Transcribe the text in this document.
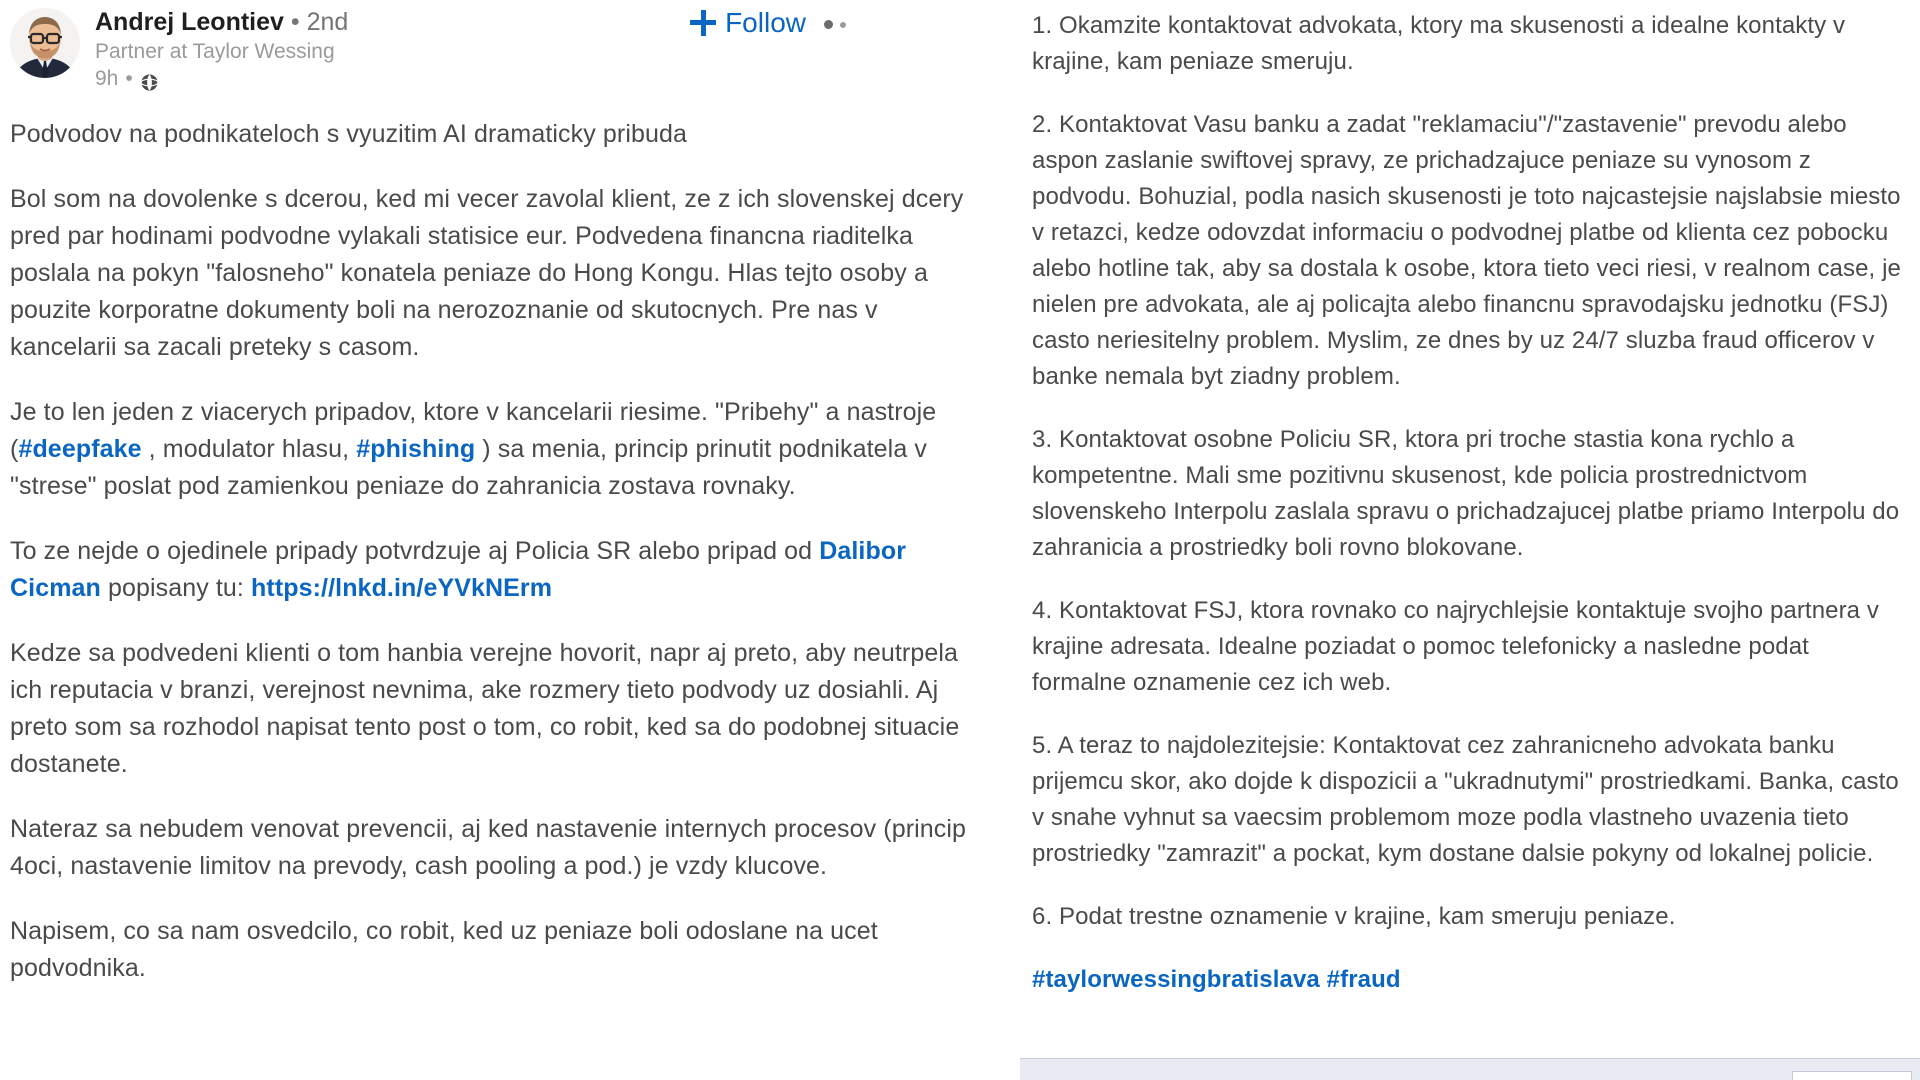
Andrej Leontiev • 2nd
Partner at Taylor Wessing
9h •
Follow

Podvodov na podnikateloch s vyuzitim AI dramaticky pribuda

Bol som na dovolenke s dcerou, ked mi vecer zavolal klient, ze z ich slovenskej dcery pred par hodinami podvodne vylakali statisice eur. Podvedena financna riaditelka poslala na pokyn "falosneho" konatela peniaze do Hong Kongu. Hlas tejto osoby a pouzite korporatne dokumenty boli na nerozoznanie od skutocnych. Pre nas v kancelarii sa zacali preteky s casom.

Je to len jeden z viacerych pripadov, ktore v kancelarii riesime. "Pribehy" a nastroje (#deepfake , modulator hlasu, #phishing ) sa menia, princip prinutit podnikatela v "strese" poslat pod zamienkou peniaze do zahranicia zostava rovnaky.

To ze nejde o ojedinele pripady potvrdzuje aj Policia SR alebo pripad od Dalibor Cicman popisany tu: https://lnkd.in/eYVkNErm

Kedze sa podvedeni klienti o tom hanbia verejne hovorit, napr aj preto, aby neutrpela ich reputacia v branzi, verejnost nevnima, ake rozmery tieto podvody uz dosiahli. Aj preto som sa rozhodol napisat tento post o tom, co robit, ked sa do podobnej situacie dostanete.

Nateraz sa nebudem venovat prevencii, aj ked nastavenie internych procesov (princip 4oci, nastavenie limitov na prevody, cash pooling a pod.) je vzdy klucove.

Napisem, co sa nam osvedcilo, co robit, ked uz peniaze boli odoslane na ucet podvodnika.

1. Okamzite kontaktovat advokata, ktory ma skusenosti a idealne kontakty v krajine, kam peniaze smeruju.

2. Kontaktovat Vasu banku a zadat "reklamaciu"/"zastavenie" prevodu alebo aspon zaslanie swiftovej spravy, ze prichadzajuce peniaze su vynosom z podvodu. Bohuzial, podla nasich skusenosti je toto najcastejsie najslabsie miesto v retazci, kedze odovzdat informaciu o podvodnej platbe od klienta cez pobocku alebo hotline tak, aby sa dostala k osobe, ktora tieto veci riesi, v realnom case, je nielen pre advokata, ale aj policajta alebo financnu spravodajsku jednotku (FSJ) casto neriesitelny problem. Myslim, ze dnes by uz 24/7 sluzba fraud officerov v banke nemala byt ziadny problem.

3. Kontaktovat osobne Policiu SR, ktora pri troche stastia kona rychlo a kompetentne. Mali sme pozitivnu skusenost, kde policia prostrednictvom slovenskeho Interpolu zaslala spravu o prichadzajucej platbe priamo Interpolu do zahranicia a prostriedky boli rovno blokovane.

4. Kontaktovat FSJ, ktora rovnako co najrychlejsie kontaktuje svojho partnera v krajine adresata. Idealne poziadat o pomoc telefonicky a nasledne podat formalne oznamenie cez ich web.

5. A teraz to najdolezitejsie: Kontaktovat cez zahranicneho advokata banku prijemcu skor, ako dojde k dispozicii a "ukradnutymi" prostriedkami. Banka, casto v snahe vyhnut sa vaecsim problemom moze podla vlastneho uvazenia tieto prostriedky "zamrazit" a pockat, kym dostane dalsie pokyny od lokalnej policie.

6. Podat trestne oznamenie v krajine, kam smeruju peniaze.

#taylorwessingbratislava #fraud
